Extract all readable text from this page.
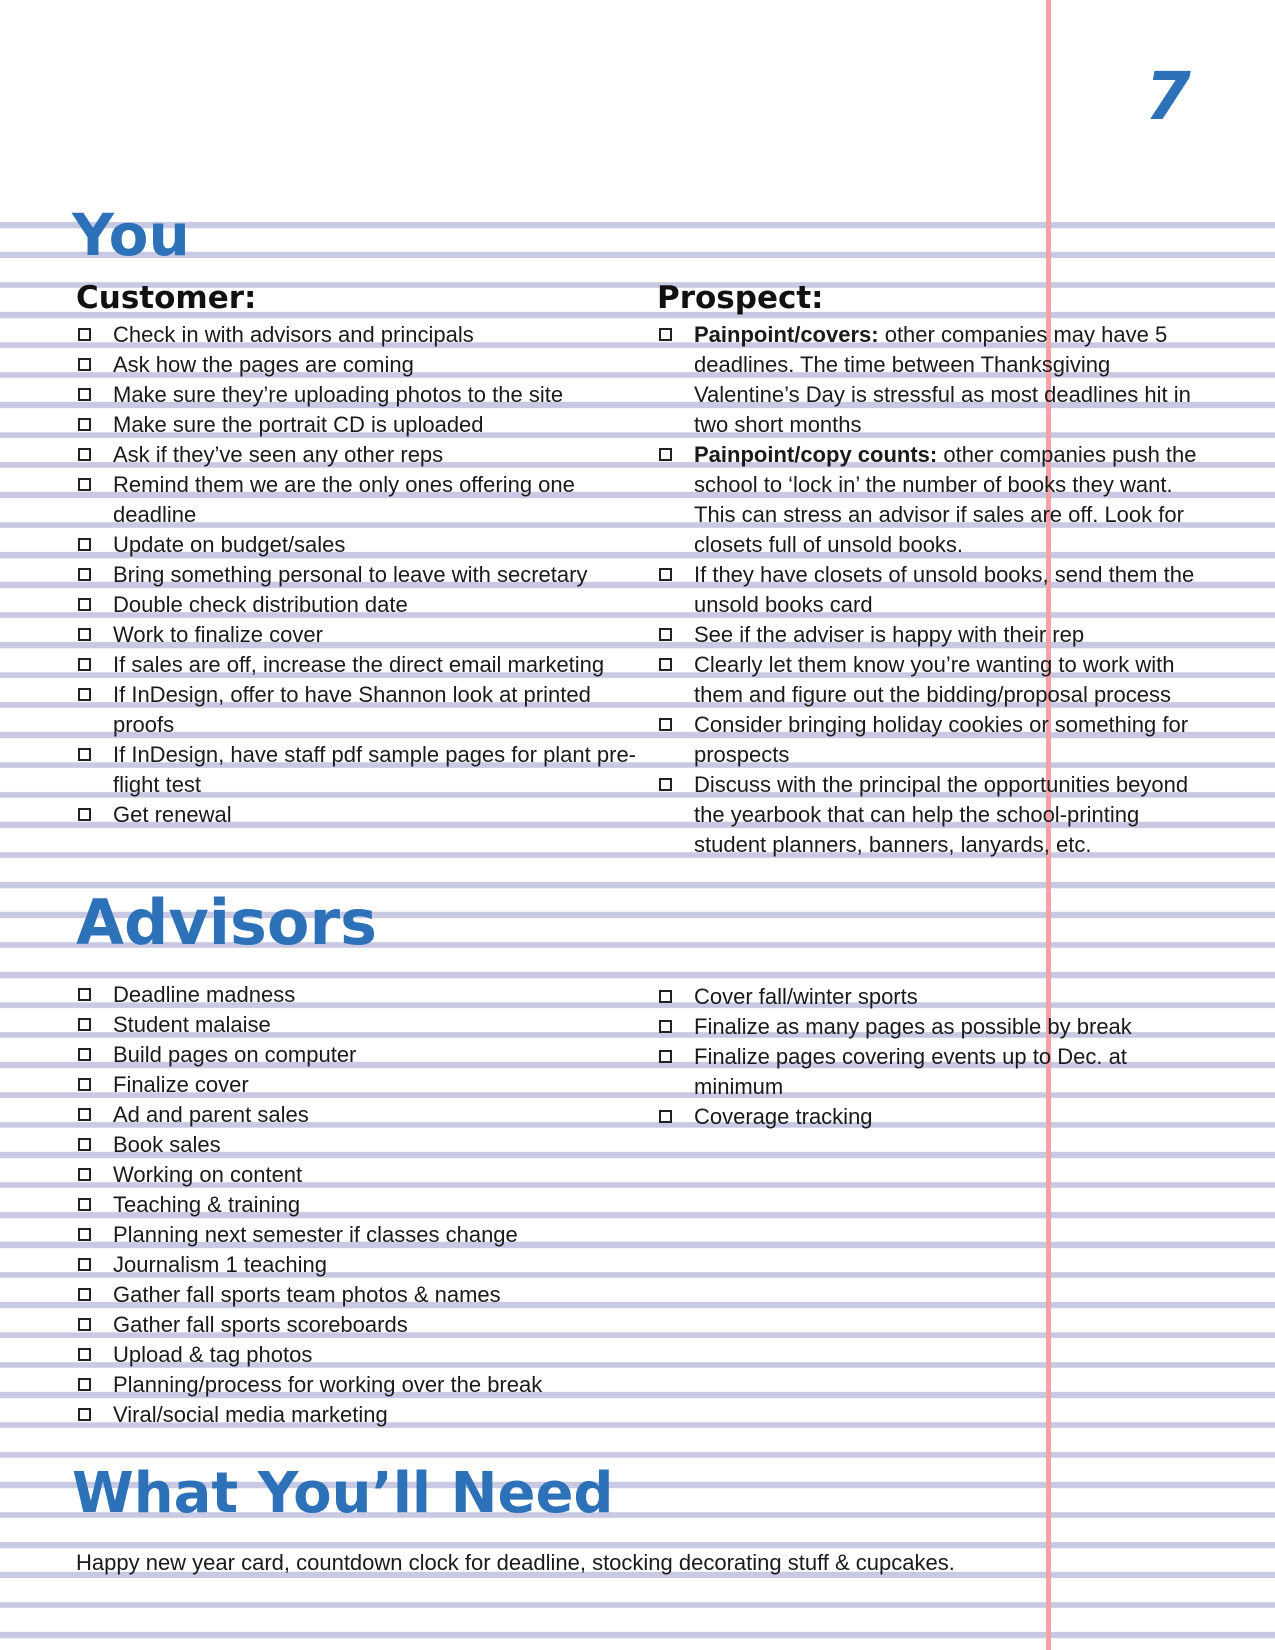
7
You
Customer:	Prospect:
Check in with advisors and principals
Ask how the pages are coming
Make sure they’re uploading photos to the site
Make sure the portrait CD is uploaded
Ask if they’ve seen any other reps
Remind them we are the only ones offering one deadline
Update on budget/sales
Bring something personal to leave with secretary
Double check distribution date
Work to finalize cover
If sales are off, increase the direct email marketing
If InDesign, offer to have Shannon look at printed proofs
If InDesign, have staff pdf sample pages for plant pre-flight test
Get renewal
Painpoint/covers: other companies may have 5 deadlines. The time between Thanksgiving Valentine’s Day is stressful as most deadlines hit in two short months
Painpoint/copy counts: other companies push the school to ‘lock in’ the number of books they want. This can stress an advisor if sales are off. Look for closets full of unsold books.
If they have closets of unsold books, send them the unsold books card
See if the adviser is happy with their rep
Clearly let them know you’re wanting to work with them and figure out the bidding/proposal process
Consider bringing holiday cookies or something for prospects
Discuss with the principal the opportunities beyond the yearbook that can help the school-printing student planners, banners, lanyards, etc.
Advisors
Deadline madness
Student malaise
Build pages on computer
Finalize cover
Ad and parent sales
Book sales
Working on content
Teaching & training
Planning next semester if classes change
Journalism 1 teaching
Gather fall sports team photos & names
Gather fall sports scoreboards
Upload & tag photos
Planning/process for working over the break
Viral/social media marketing
Cover fall/winter sports
Finalize as many pages as possible by break
Finalize pages covering events up to Dec. at minimum
Coverage tracking
What You’ll Need

Happy new year card, countdown clock for deadline, stocking decorating stuff & cupcakes.
